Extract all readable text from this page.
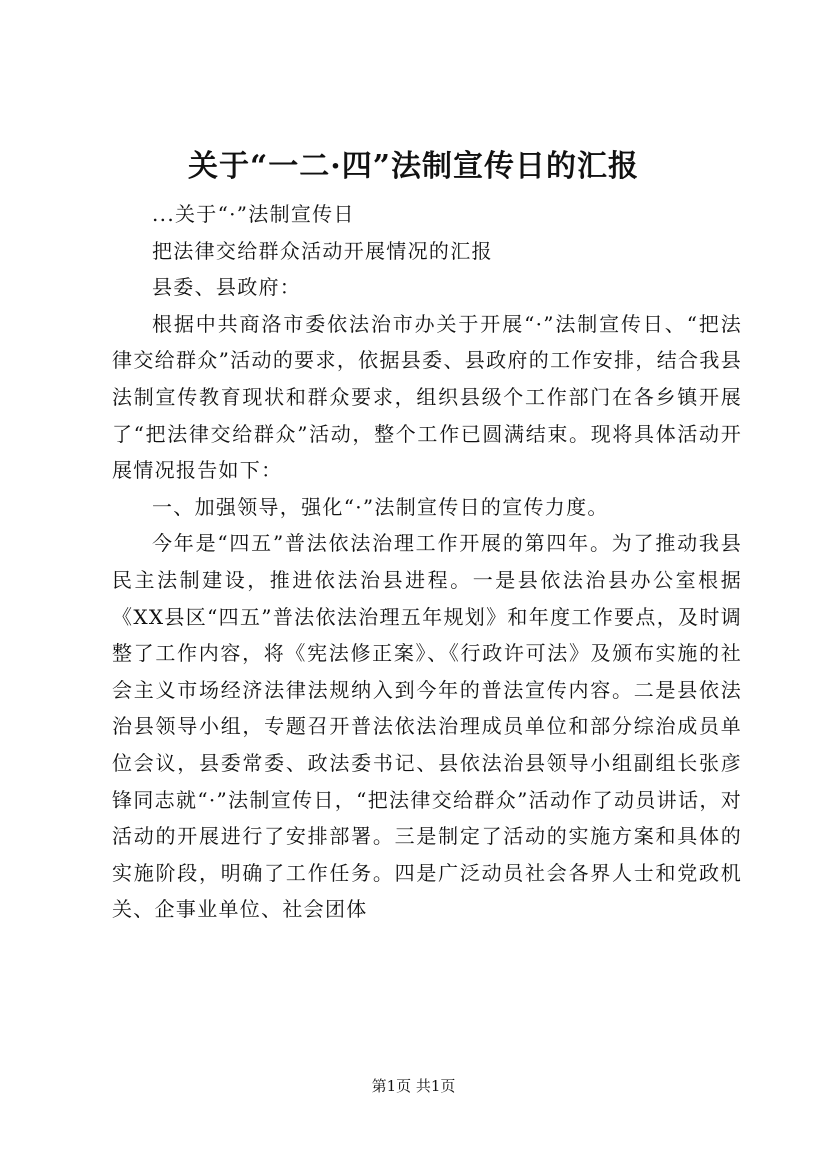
关于“一二·四”法制宣传日的汇报

...关于“·”法制宣传日

把法律交给群众活动开展情况的汇报

县委、县政府：

根据中共商洛市委依法治市办关于开展“·”法制宣传日、“把法律交给群众”活动的要求，依据县委、县政府的工作安排，结合我县法制宣传教育现状和群众要求，组织县级个工作部门在各乡镇开展了“把法律交给群众”活动，整个工作已圆满结束。现将具体活动开展情况报告如下：

一、加强领导，强化“·”法制宣传日的宣传力度。

今年是“四五”普法依法治理工作开展的第四年。为了推动我县民主法制建设，推进依法治县进程。一是县依法治县办公室根据《XX县区“四五”普法依法治理五年规划》和年度工作要点，及时调整了工作内容，将《宪法修正案》、《行政许可法》及颁布实施的社会主义市场经济法律法规纳入到今年的普法宣传内容。二是县依法治县领导小组，专题召开普法依法治理成员单位和部分综治成员单位会议，县委常委、政法委书记、县依法治县领导小组副组长张彦锋同志就“·”法制宣传日，“把法律交给群众”活动作了动员讲话，对活动的开展进行了安排部署。三是制定了活动的实施方案和具体的实施阶段，明确了工作任务。四是广泛动员社会各界人士和党政机关、企事业单位、社会团体

第1页 共1页
